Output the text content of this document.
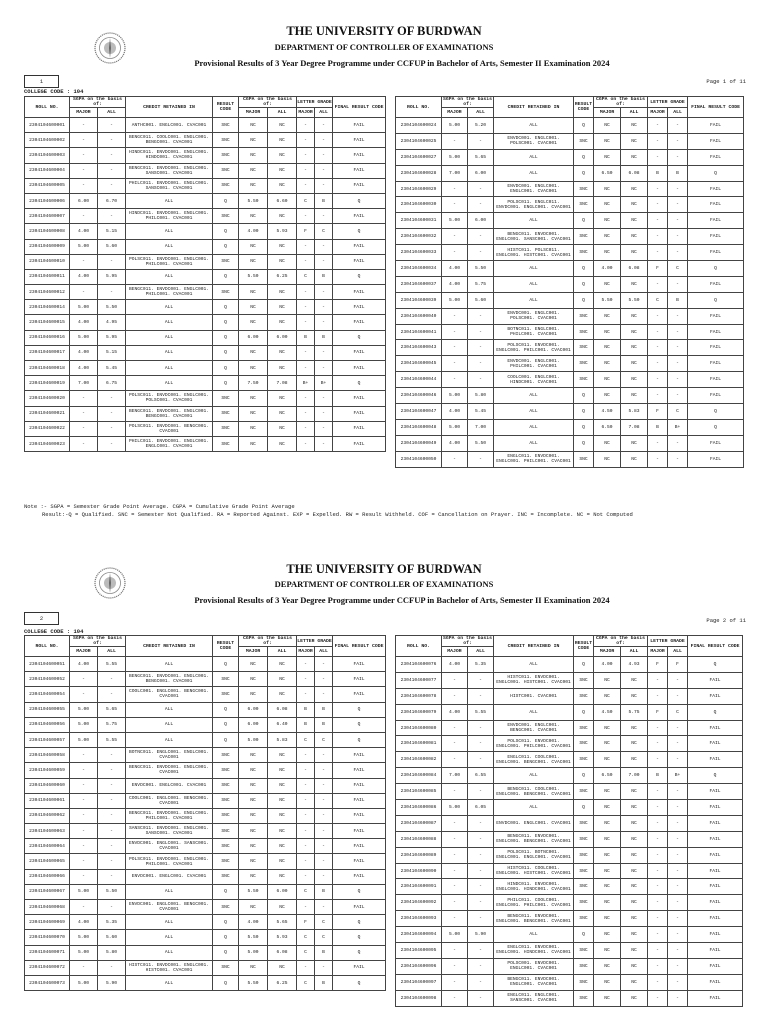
THE UNIVERSITY OF BURDWAN
DEPARTMENT OF CONTROLLER OF EXAMINATIONS
Provisional Results of 3 Year Degree Programme under CCFUP in Bachelor of Arts, Semester II Examination 2024
1	Page 1 of 11
COLLEGE CODE : 104
ROLL NO.	SGPA on the basis of:		CREDIT RETAINED IN	RESULT CODE	CGPA on the basis of:		LETTER GRADE		FINAL RESULT CODE
	MAJOR	ALL			MAJOR	ALL	MAJOR	ALL	
2304104600001	-	-	ANTHC001. ENGLC001. CVAC001	SNC	NC	NC	-	-	FAIL
2304104600002	-	-	BENGC011. COOLC001. ENGLC001. BENGC001. CVAC001	SNC	NC	NC	-	-	FAIL
2304104600003	-	-	HINDC011. ENVDC001. ENGLC001. HINDC001. CVAC001	SNC	NC	NC	-	-	FAIL
2304104600004	-	-	BENGC011. ENVDC001. ENGLC001. SANSC001. CVAC001	SNC	NC	NC	-	-	FAIL
2304104600005	-	-	PHILC011. ENVDC001. ENGLC001. SANSC001. CVAC001	SNC	NC	NC	-	-	FAIL
2304104600006	6.00	6.70	ALL	Q	5.50	6.60	C	B	Q
2304104600007	-	-	HINDC011. ENVDC001. ENGLC001. PHILC001. CVAC001	SNC	NC	NC	-	-	FAIL
2304104600008	4.00	5.15	ALL	Q	4.00	5.93	F	C	Q
2304104600009	5.00	5.60	ALL	Q	NC	NC	-	-	FAIL
2304104600010	-	-	POLSC011. ENVDC001. ENGLC001. PHILC001. CVAC001	SNC	NC	NC	-	-	FAIL
2304104600011	4.00	5.95	ALL	Q	5.50	6.25	C	B	Q
2304104600012	-	-	BENGC011. ENVDC001. ENGLC001. PHILC001. CVAC001	SNC	NC	NC	-	-	FAIL
2304104600014	5.00	5.50	ALL	Q	NC	NC	-	-	FAIL
2304104600015	4.00	4.95	ALL	Q	NC	NC	-	-	FAIL
2304104600016	5.00	5.95	ALL	Q	6.00	6.00	B	B	Q
2304104600017	4.00	5.15	ALL	Q	NC	NC	-	-	FAIL
2304104600018	4.00	5.45	ALL	Q	NC	NC	-	-	FAIL
2304104600019	7.00	6.75	ALL	Q	7.50	7.08	B+	B+	Q
2304104600020	-	-	POLSC011. ENVDC001. ENGLC001. POLSC001. CVAC001	SNC	NC	NC	-	-	FAIL
2304104600021	-	-	BENGC011. ENVDC001. ENGLC001. BENGC001. CVAC001	SNC	NC	NC	-	-	FAIL
2304104600022	-	-	POLSC011. ENVDC001. BENGC001. CVAC001	SNC	NC	NC	-	-	FAIL
2304104600023	-	-	PHILC011. ENVDC001. ENGLC001. ENGLC001. CVAC001	SNC	NC	NC	-	-	FAIL
ROLL NO.	SGPA on the basis of:		CREDIT RETAINED IN	RESULT CODE	CGPA on the basis of:		LETTER GRADE		FINAL RESULT CODE
	MAJOR	ALL			MAJOR	ALL	MAJOR	ALL	
2304104600024	5.00	5.20	ALL	Q	NC	NC	-	-	FAIL
2304104600025	-	-	ENVDC001. ENGLC001. POLSC001. CVAC001	SNC	NC	NC	-	-	FAIL
2304104600027	5.00	5.65	ALL	Q	NC	NC	-	-	FAIL
2304104600028	7.00	6.00	ALL	Q	6.50	6.08	B	B	Q
2304104600029	-	-	ENVDC001. ENGLC001. ENGLC001. CVAC001	SNC	NC	NC	-	-	FAIL
2304104600030	-	-	POLSC011. ENGLC011. ENVDC001. ENGLC001. CVAC001	SNC	NC	NC	-	-	FAIL
2304104600031	5.00	6.00	ALL	Q	NC	NC	-	-	FAIL
2304104600032	-	-	BENGC011. ENVDC001. ENGLC001. SANSC001. CVAC001	SNC	NC	NC	-	-	FAIL
2304104600033	-	-	HISTC011. POLSC011. ENGLC001. HISTC001. CVAC001	SNC	NC	NC	-	-	FAIL
2304104600034	4.00	5.50	ALL	Q	4.00	6.08	F	C	Q
2304104600037	4.00	5.75	ALL	Q	NC	NC	-	-	FAIL
2304104600039	5.00	5.60	ALL	Q	5.50	5.50	C	B	Q
2304104600040	-	-	ENVDC001. ENGLC001. POLSC001. CVAC001	SNC	NC	NC	-	-	FAIL
2304104600041	-	-	BOTNC011. ENGLC001. PHILC001. CVAC001	SNC	NC	NC	-	-	FAIL
2304104600043	-	-	POLSC011. ENVDC001. ENGLC001. PHILC001. CVAC001	SNC	NC	NC	-	-	FAIL
2304104600045	-	-	ENVDC001. ENGLC001. PHILC001. CVAC001	SNC	NC	NC	-	-	FAIL
2304104600044	-	-	COOLC001. ENGLC001. HINDC001. CVAC001	SNC	NC	NC	-	-	FAIL
2304104600046	5.00	5.80	ALL	Q	NC	NC	-	-	FAIL
2304104600047	4.00	5.45	ALL	Q	4.50	5.83	F	C	Q
2304104600048	5.00	7.00	ALL	Q	6.50	7.08	B	B+	Q
2304104600049	4.00	5.50	ALL	Q	NC	NC	-	-	FAIL
2304104600050	-	-	ENGLC011. ENVDC001. ENGLC001. PHILC001. CVAC001	SNC	NC	NC	-	-	FAIL
Note :- SGPA = Semester Grade Point Average. CGPA = Cumulative Grade Point Average
Result:-Q = Qualified. SNC = Semester Not Qualified. RA = Reported Against. EXP = Expelled. RW = Result Withheld. COF = Cancellation on Prayer. INC = Incomplete. NC = Not Computed
THE UNIVERSITY OF BURDWAN
DEPARTMENT OF CONTROLLER OF EXAMINATIONS
Provisional Results of 3 Year Degree Programme under CCFUP in Bachelor of Arts, Semester II Examination 2024
2	Page 2 of 11
COLLEGE CODE : 104
ROLL NO.	SGPA on the basis of:		CREDIT RETAINED IN	RESULT CODE	CGPA on the basis of:		LETTER GRADE		FINAL RESULT CODE
	MAJOR	ALL			MAJOR	ALL	MAJOR	ALL	
2304104600051	4.00	5.55	ALL	Q	NC	NC	-	-	FAIL
2304104600052	-	-	BENGC011. ENVDC001. ENGLC001. BENGC001. CVAC001	SNC	NC	NC	-	-	FAIL
2304104600054	-	-	COOLC001. ENGLC001. BENGC001. CVAC001	SNC	NC	NC	-	-	FAIL
2304104600055	5.00	5.65	ALL	Q	6.00	6.08	B	B	Q
2304104600056	5.00	5.75	ALL	Q	6.00	6.40	B	B	Q
2304104600057	5.00	5.55	ALL	Q	5.00	5.83	C	C	Q
2304104600058	-	-	BOTNC011. ENGLC001. ENGLC001. CVAC001	SNC	NC	NC	-	-	FAIL
2304104600059	-	-	BENGC011. ENVDC001. ENGLC001. CVAC001	SNC	NC	NC	-	-	FAIL
2304104600060	-	-	ENVDC001. ENGLC001. CVAC001	SNC	NC	NC	-	-	FAIL
2304104600061	-	-	COOLC001. ENGLC001. BENGC001. CVAC001	SNC	NC	NC	-	-	FAIL
2304104600062	-	-	BENGC011. ENVDC001. ENGLC001. PHILC001. CVAC001	SNC	NC	NC	-	-	FAIL
2304104600063	-	-	SANSC011. ENVDC001. ENGLC001. SANSC001. CVAC001	SNC	NC	NC	-	-	FAIL
2304104600064	-	-	ENVDC001. ENGLC001. SANSC001. CVAC001	SNC	NC	NC	-	-	FAIL
2304104600065	-	-	POLSC011. ENVDC001. ENGLC001. PHILC001. CVAC001	SNC	NC	NC	-	-	FAIL
2304104600066	-	-	ENVDC001. ENGLC001. CVAC001	SNC	NC	NC	-	-	FAIL
2304104600067	5.00	5.50	ALL	Q	5.50	6.00	C	B	Q
2304104600068	-	-	ENVDC001. ENGLC001. BENGC001. CVAC001	SNC	NC	NC	-	-	FAIL
2304104600069	4.00	5.35	ALL	Q	4.00	5.65	F	C	Q
2304104600070	5.00	5.60	ALL	Q	5.50	5.93	C	C	Q
2304104600071	5.00	5.80	ALL	Q	5.00	6.08	C	B	Q
2304104600072	-	-	HISTC011. ENVDC001. ENGLC001. HISTC001. CVAC001	SNC	NC	NC	-	-	FAIL
2304104600073	5.00	5.90	ALL	Q	5.50	6.25	C	B	Q
ROLL NO.	SGPA on the basis of:		CREDIT RETAINED IN	RESULT CODE	CGPA on the basis of:		LETTER GRADE		FINAL RESULT CODE
	MAJOR	ALL			MAJOR	ALL	MAJOR	ALL	
2304104600076	4.00	5.35	ALL	Q	4.00	4.93	F	F	Q
2304104600077	-	-	HISTC011. ENVDC001. ENGLC001. HISTC001. CVAC001	SNC	NC	NC	-	-	FAIL
2304104600078	-	-	HISTC001. CVAC001	SNC	NC	NC	-	-	FAIL
2304104600079	4.00	5.55	ALL	Q	4.50	5.75	F	C	Q
2304104600080	-	-	ENVDC001. ENGLC001. BENGC001. CVAC001	SNC	NC	NC	-	-	FAIL
2304104600081	-	-	POLSC011. ENVDC001. ENGLC001. PHILC001. CVAC001	SNC	NC	NC	-	-	FAIL
2304104600082	-	-	ENGLC011. COOLC001. ENGLC001. BENGC001. CVAC001	SNC	NC	NC	-	-	FAIL
2304104600084	7.00	6.55	ALL	Q	6.50	7.00	B	B+	Q
2304104600085	-	-	BENGC011. COOLC001. ENGLC001. BENGC001. CVAC001	SNC	NC	NC	-	-	FAIL
2304104600086	5.00	6.05	ALL	Q	NC	NC	-	-	FAIL
2304104600087	-	-	ENVDC001. ENGLC001. CVAC001	SNC	NC	NC	-	-	FAIL
2304104600088	-	-	BENGC011. ENVDC001. ENGLC001. BENGC001. CVAC001	SNC	NC	NC	-	-	FAIL
2304104600089	-	-	POLSC011. BOTNC001. ENGLC001. ENGLC001. CVAC001	SNC	NC	NC	-	-	FAIL
2304104600090	-	-	HISTC011. COOLC001. ENGLC001. HISTC001. CVAC001	SNC	NC	NC	-	-	FAIL
2304104600091	-	-	HINDC011. ENVDC001. ENGLC001. HINDC001. CVAC001	SNC	NC	NC	-	-	FAIL
2304104600092	-	-	PHILC011. COOLC001. ENGLC001. PHILC001. CVAC001	SNC	NC	NC	-	-	FAIL
2304104600093	-	-	BENGC011. ENVDC001. ENGLC001. BENGC001. CVAC001	SNC	NC	NC	-	-	FAIL
2304104600094	5.00	5.90	ALL	Q	NC	NC	-	-	FAIL
2304104600095	-	-	ENGLC011. ENVDC001. ENGLC001. HINDC001. CVAC001	SNC	NC	NC	-	-	FAIL
2304104600096	-	-	POLSC001. ENVDC001. ENGLC001. CVAC001	SNC	NC	NC	-	-	FAIL
2304104600097	-	-	BENGC011. ENVDC001. ENGLC001. CVAC001	SNC	NC	NC	-	-	FAIL
2304104600098	-	-	ENGLC011. ENGLC001. SANSC001. CVAC001	SNC	NC	NC	-	-	FAIL
